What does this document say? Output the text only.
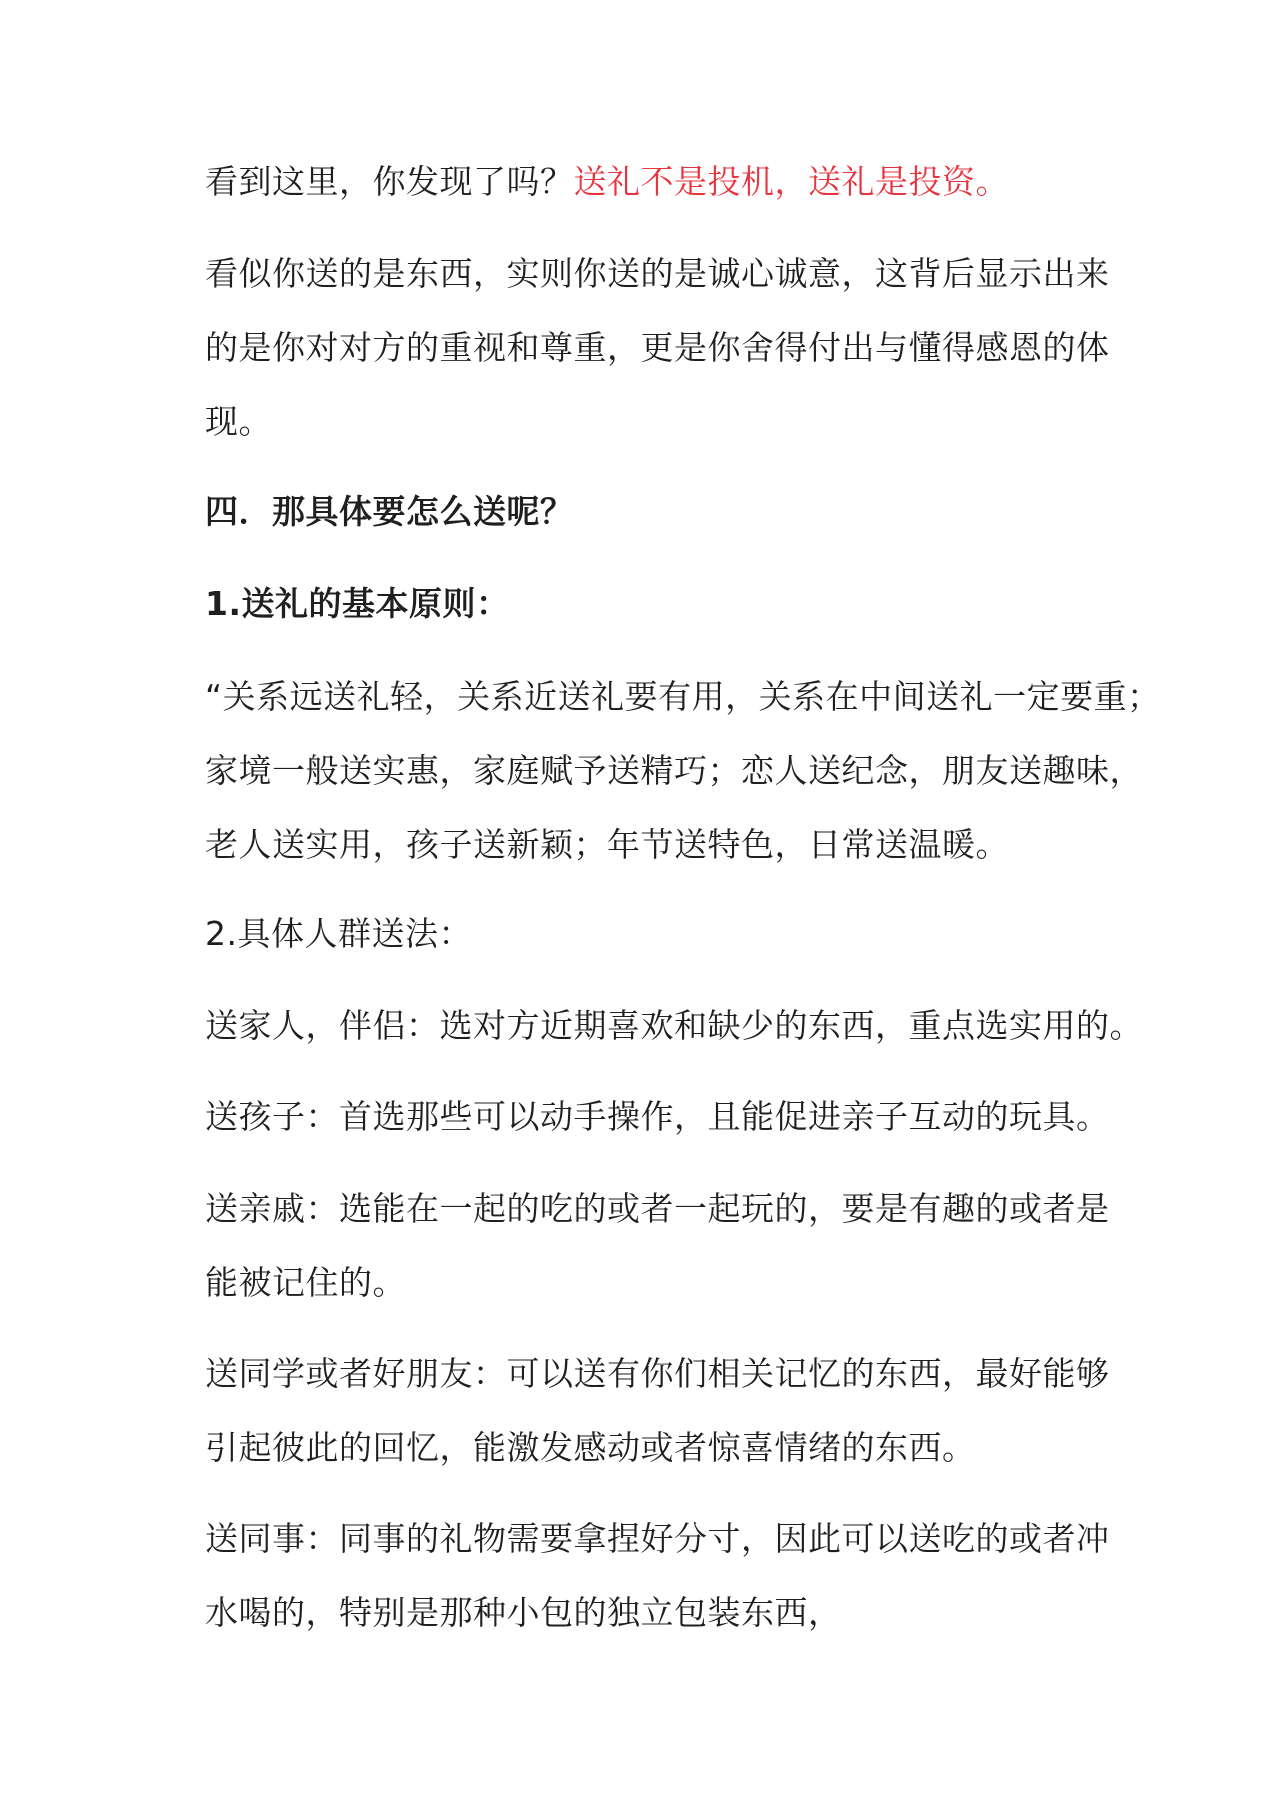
看到这里，你发现了吗？送礼不是投机，送礼是投资。

看似你送的是东西，实则你送的是诚心诚意，这背后显示出来

的是你对对方的重视和尊重，更是你舍得付出与懂得感恩的体

现。

四．那具体要怎么送呢？

1.送礼的基本原则：

“关系远送礼轻，关系近送礼要有用，关系在中间送礼一定要重；

家境一般送实惠，家庭赋予送精巧；恋人送纪念，朋友送趣味，

老人送实用，孩子送新颖；年节送特色，日常送温暖。

2.具体人群送法：

送家人，伴侣：选对方近期喜欢和缺少的东西，重点选实用的。

送孩子：首选那些可以动手操作，且能促进亲子互动的玩具。

送亲戚：选能在一起的吃的或者一起玩的，要是有趣的或者是

能被记住的。

送同学或者好朋友：可以送有你们相关记忆的东西，最好能够

引起彼此的回忆，能激发感动或者惊喜情绪的东西。

送同事：同事的礼物需要拿捏好分寸，因此可以送吃的或者冲

水喝的，特别是那种小包的独立包装东西，
